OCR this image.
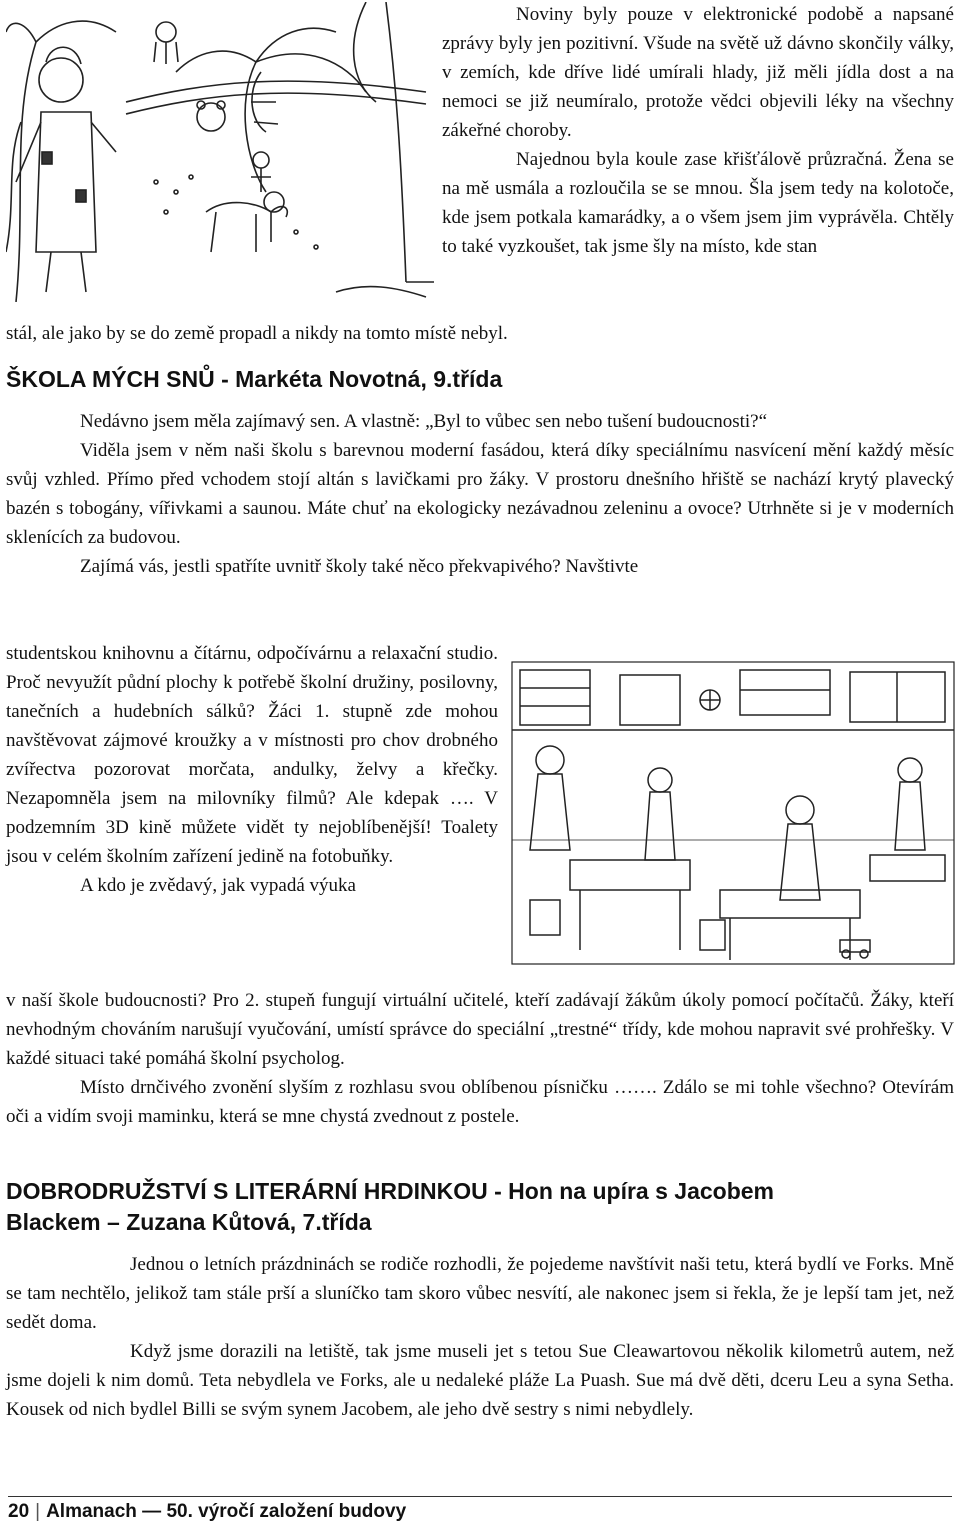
Noviny byly pouze v elektronické podobě a napsané zprávy byly jen pozitivní. Všude na světě už dávno skončily války, v zemích, kde dříve lidé umírali hlady, již měli jídla dost a na nemoci se již neumíralo, protože vědci objevili léky na všechny zákeřné choroby.

Najednou byla koule zase křišťálově průzračná. Žena se na mě usmála a rozloučila se se mnou. Šla jsem tedy na kolotoče, kde jsem potkala kamarádky, a o všem jsem jim vyprávěla. Chtěly to také vyzkoušet, tak jsme šly na místo, kde stan

stál, ale jako by se do země propadl a nikdy na tomto místě nebyl.

ŠKOLA MÝCH SNŮ - Markéta Novotná, 9.třída

Nedávno jsem měla zajímavý sen. A vlastně: „Byl to vůbec sen nebo tušení budoucnosti?“

Viděla jsem v něm naši školu s barevnou moderní fasádou, která díky speciálnímu nasvícení mění každý měsíc svůj vzhled. Přímo před vchodem stojí altán s lavičkami pro žáky. V prostoru dnešního hřiště se nachází krytý plavecký bazén s tobogány, vířivkami a saunou. Máte chuť na ekologicky nezávadnou zeleninu a ovoce? Utrhněte si je v moderních sklenících za budovou.

Zajímá vás, jestli spatříte uvnitř školy také něco překvapivého? Navštivte

studentskou knihovnu a čítárnu, odpočívárnu a relaxační studio. Proč nevyužít půdní plochy k potřebě školní družiny, posilovny, tanečních a hudebních sálků? Žáci 1. stupně zde mohou navštěvovat zájmové kroužky a v místnosti pro chov drobného zvířectva pozorovat morčata, andulky, želvy a křečky. Nezapomněla jsem na milovníky filmů? Ale kdepak …. V podzemním 3D kině můžete vidět ty nejoblíbenější! Toalety jsou v celém školním zařízení jedině na fotobuňky.

A kdo je zvědavý, jak vypadá výuka

v naší škole budoucnosti? Pro 2. stupeň fungují virtuální učitelé, kteří zadávají žákům úkoly pomocí počítačů. Žáky, kteří nevhodným chováním narušují vyučování, umístí správce do speciální „trestné“ třídy, kde mohou napravit své prohřešky. V každé situaci také pomáhá školní psycholog.

Místo drnčivého zvonění slyším z rozhlasu svou oblíbenou písničku ……. Zdálo se mi tohle všechno? Otevírám oči a vidím svoji maminku, která se mne chystá zvednout z postele.

DOBRODRUŽSTVÍ S LITERÁRNÍ HRDINKOU - Hon na upíra s Jacobem
Blackem – Zuzana Kůtová, 7.třída

Jednou o letních prázdninách se rodiče rozhodli, že pojedeme navštívit naši tetu, která bydlí ve Forks. Mně se tam nechtělo, jelikož tam stále prší a sluníčko tam skoro vůbec nesvítí, ale nakonec jsem si řekla, že je lepší tam jet, než sedět doma.

Když jsme dorazili na letiště, tak jsme museli jet s tetou Sue Cleawartovou několik kilometrů autem, než jsme dojeli k nim domů. Teta nebydlela ve Forks, ale u nedaleké pláže La Puash. Sue má dvě děti, dceru Leu a syna Setha. Kousek od nich bydlel Billi se svým synem Jacobem, ale jeho dvě sestry s nimi nebydlely.

20 | Almanach — 50. výročí založení budovy
